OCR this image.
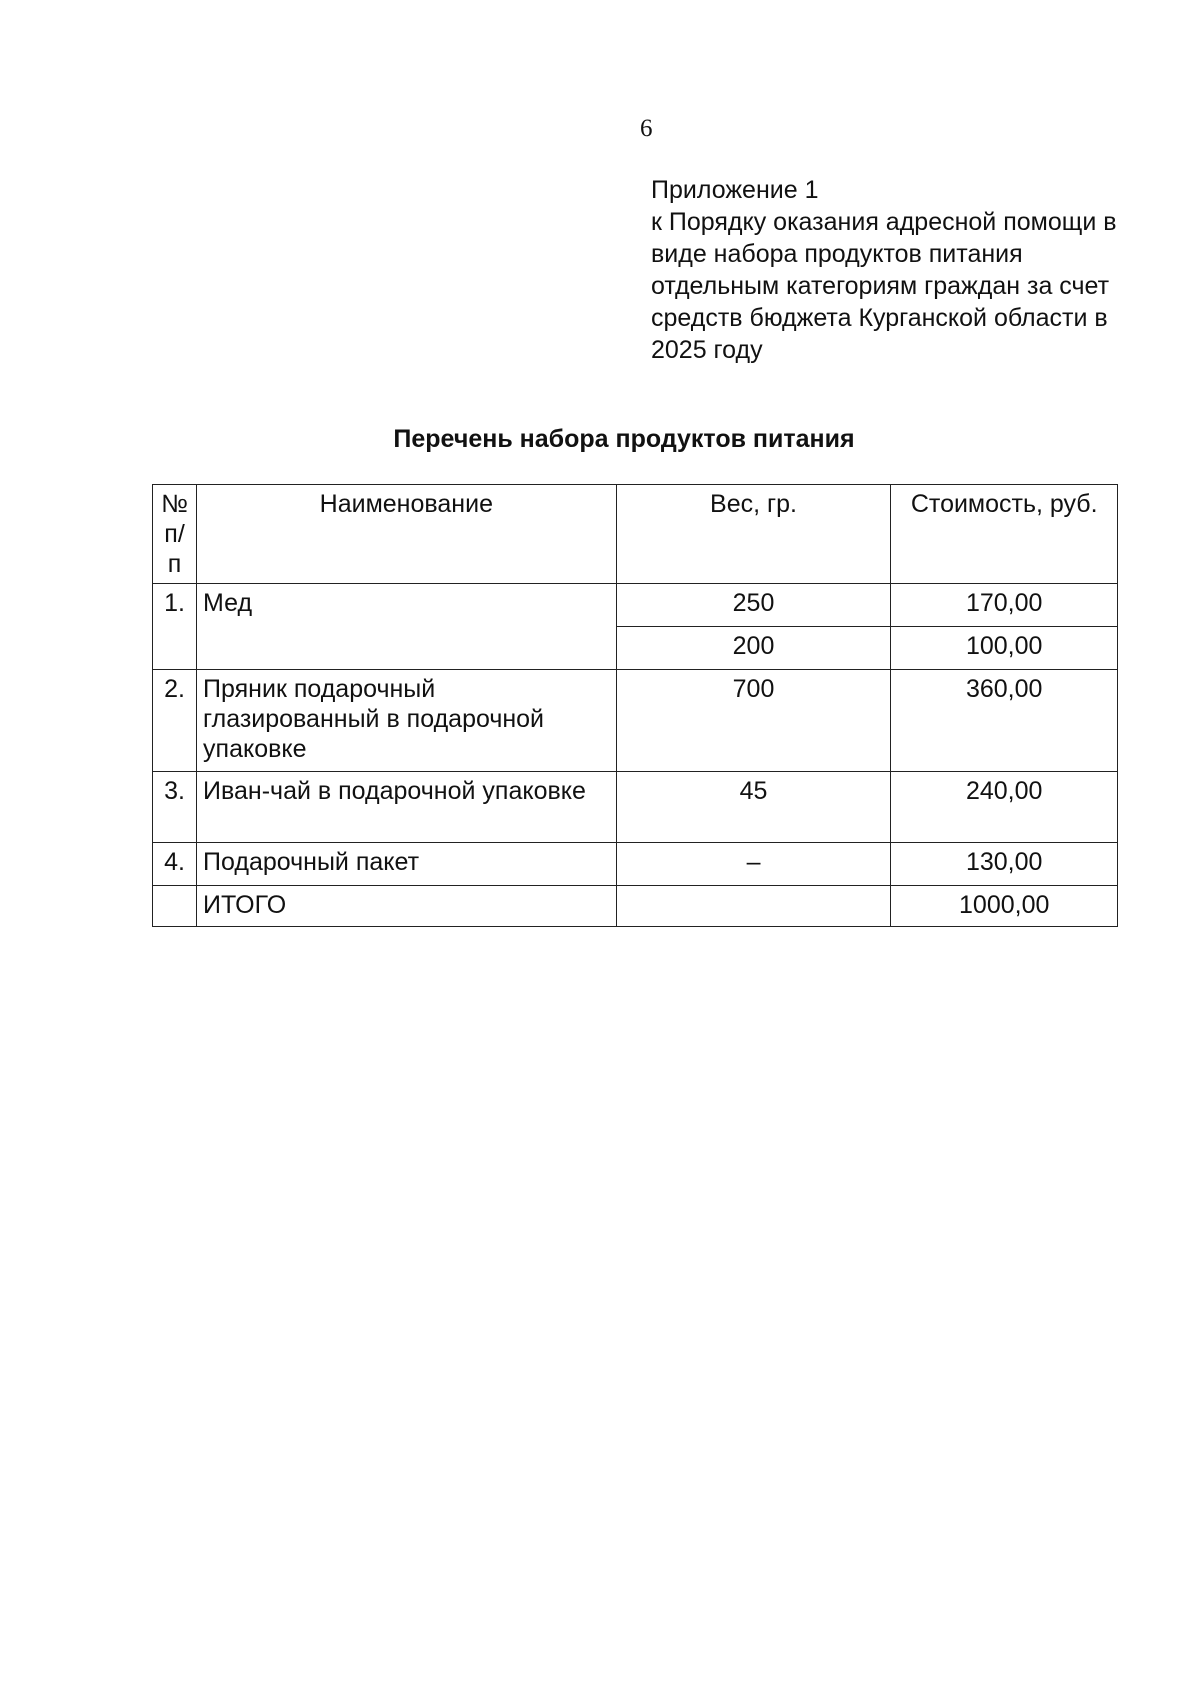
6
Приложение 1
к Порядку оказания адресной помощи в
виде набора продуктов питания
отдельным категориям граждан за счет
средств бюджета Курганской области в
2025 году
Перечень набора продуктов питания
№ п/п	Наименование	Вес, гр.	Стоимость, руб.
1.	Мед	250	170,00
		200	100,00
2.	Пряник подарочный глазированный в подарочной упаковке	700	360,00
3.	Иван-чай в подарочной упаковке	45	240,00
4.	Подарочный пакет	–	130,00
	ИТОГО		1000,00
